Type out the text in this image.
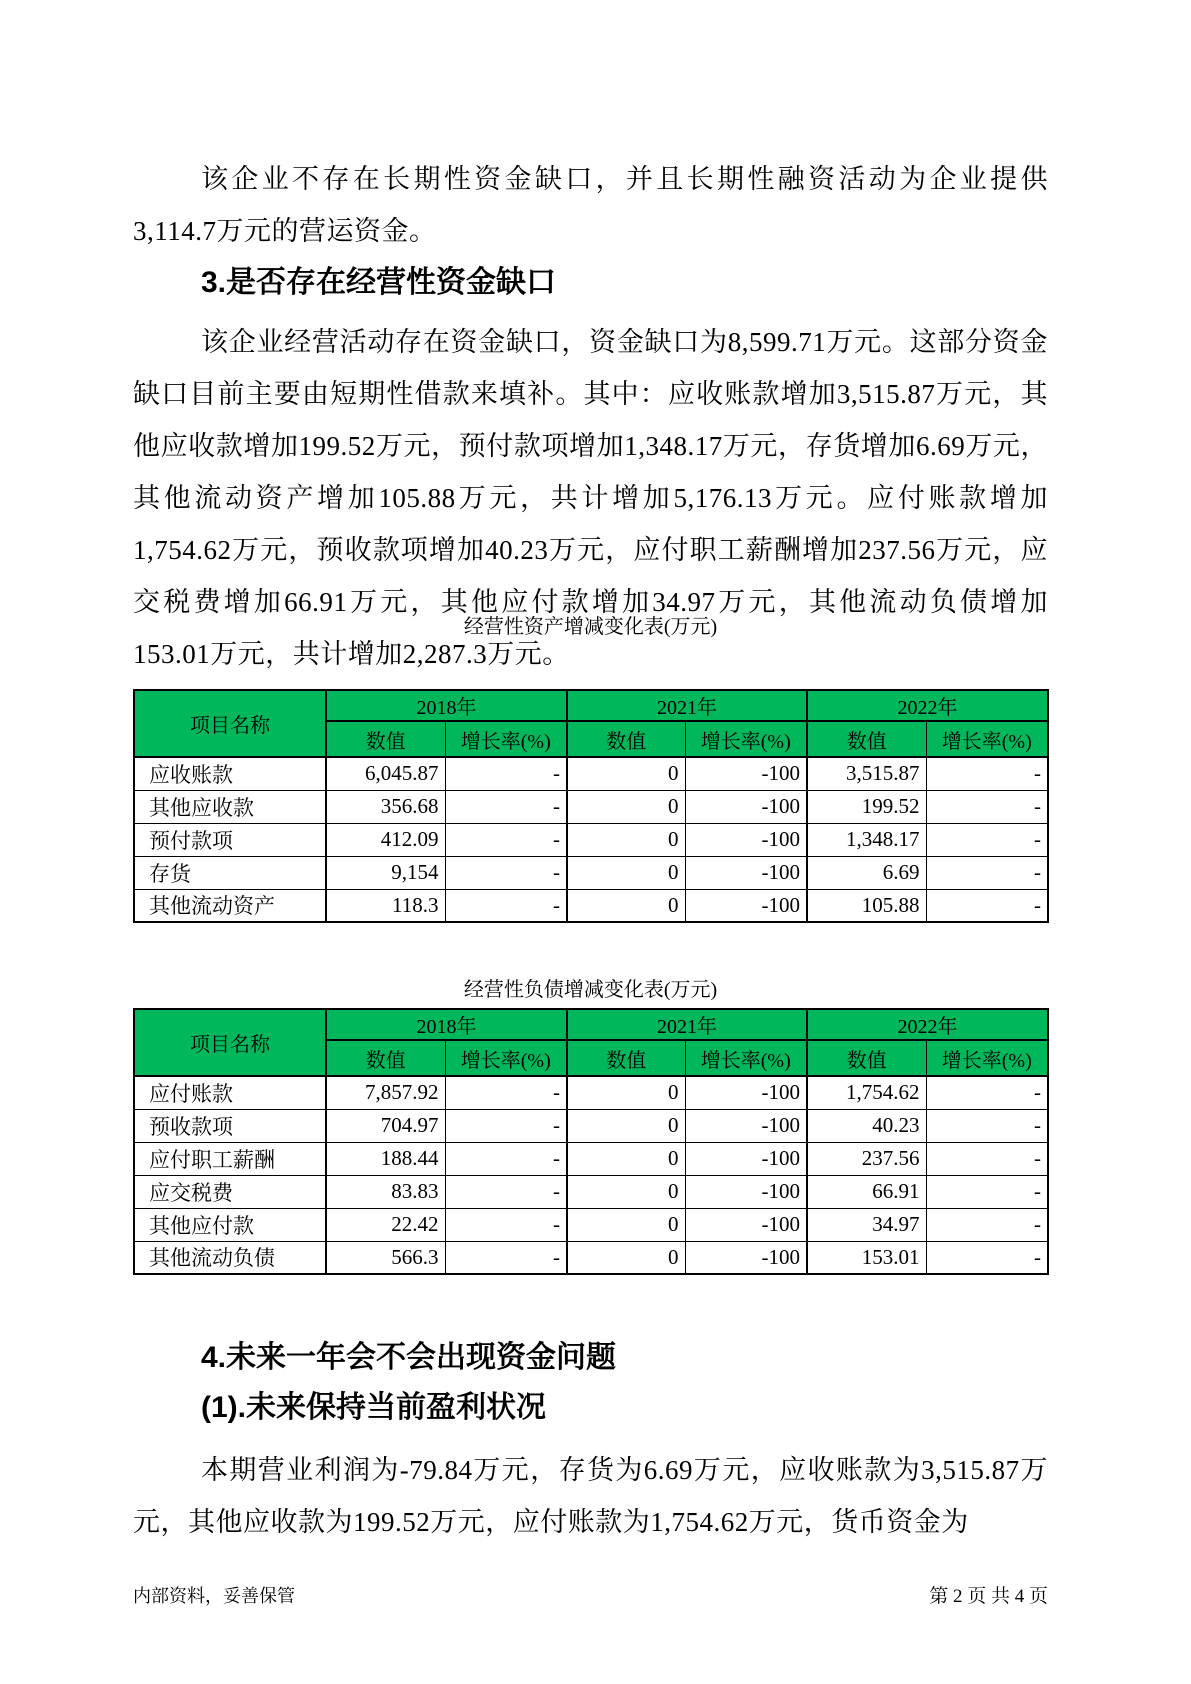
该企业不存在长期性资金缺口，并且长期性融资活动为企业提供3,114.7万元的营运资金。

3.是否存在经营性资金缺口

该企业经营活动存在资金缺口，资金缺口为8,599.71万元。这部分资金缺口目前主要由短期性借款来填补。其中：应收账款增加3,515.87万元，其他应收款增加199.52万元，预付款项增加1,348.17万元，存货增加6.69万元，其他流动资产增加105.88万元，共计增加5,176.13万元。应付账款增加1,754.62万元，预收款项增加40.23万元，应付职工薪酬增加237.56万元，应交税费增加66.91万元，其他应付款增加34.97万元，其他流动负债增加153.01万元，共计增加2,287.3万元。

经营性资产增减变化表(万元)
项目名称	2018年		2021年		2022年	
	数值	增长率(%)	数值	增长率(%)	数值	增长率(%)
应收账款	6,045.87	-	0	-100	3,515.87	-
其他应收款	356.68	-	0	-100	199.52	-
预付款项	412.09	-	0	-100	1,348.17	-
存货	9,154	-	0	-100	6.69	-
其他流动资产	118.3	-	0	-100	105.88	-
经营性负债增减变化表(万元)
项目名称	2018年		2021年		2022年	
	数值	增长率(%)	数值	增长率(%)	数值	增长率(%)
应付账款	7,857.92	-	0	-100	1,754.62	-
预收款项	704.97	-	0	-100	40.23	-
应付职工薪酬	188.44	-	0	-100	237.56	-
应交税费	83.83	-	0	-100	66.91	-
其他应付款	22.42	-	0	-100	34.97	-
其他流动负债	566.3	-	0	-100	153.01	-
4.未来一年会不会出现资金问题
(1).未来保持当前盈利状况

本期营业利润为-79.84万元，存货为6.69万元，应收账款为3,515.87万元，其他应收款为199.52万元，应付账款为1,754.62万元，货币资金为

内部资料，妥善保管	第 2 页 共 4 页
